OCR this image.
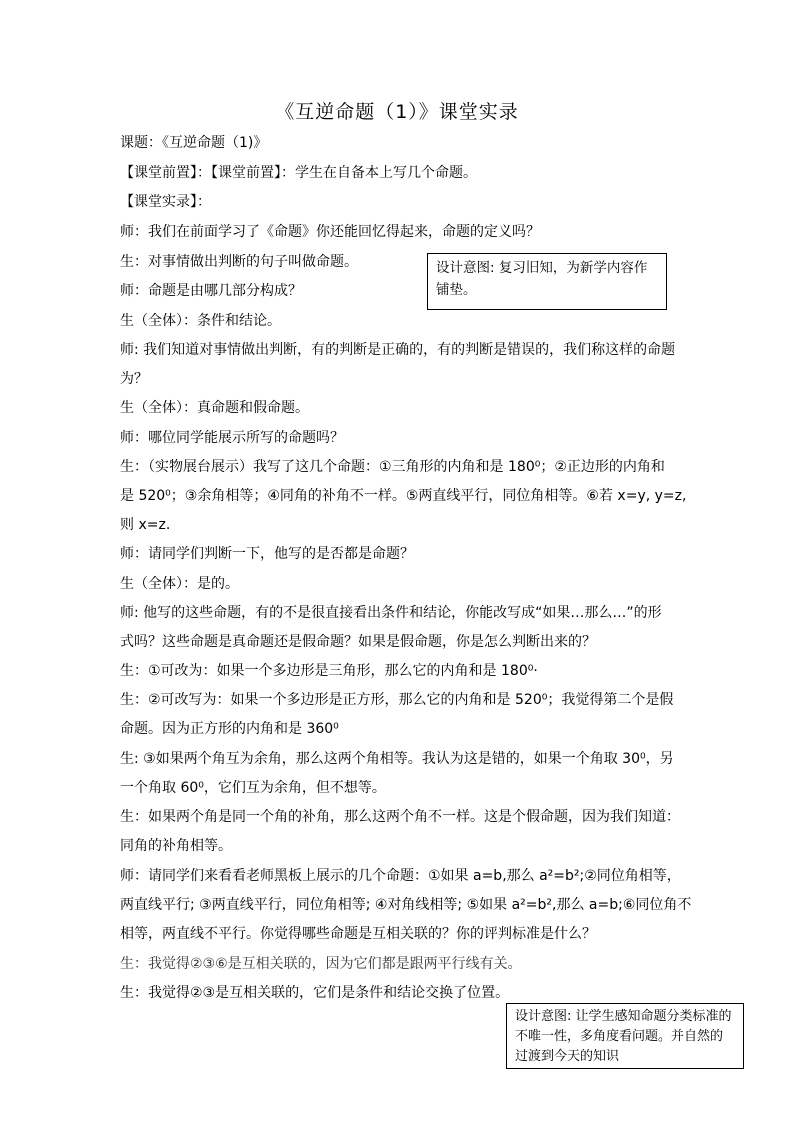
《互逆命题（1）》课堂实录
课题：《互逆命题（1)》
【课堂前置】：【课堂前置】：学生在自备本上写几个命题。
【课堂实录】：
师：我们在前面学习了《命题》你还能回忆得起来，命题的定义吗？
生：对事情做出判断的句子叫做命题。
师：命题是由哪几部分构成？
生（全体）：条件和结论。
师: 我们知道对事情做出判断，有的判断是正确的，有的判断是错误的，我们称这样的命题
为？
生（全体）：真命题和假命题。
师：哪位同学能展示所写的命题吗？
生：（实物展台展示）我写了这几个命题：①三角形的内角和是 180⁰；②正边形的内角和
是 520⁰；③余角相等；④同角的补角不一样。⑤两直线平行，同位角相等。⑥若 x=y, y=z,
则 x=z.
师：请同学们判断一下，他写的是否都是命题？
生（全体）：是的。
师: 他写的这些命题，有的不是很直接看出条件和结论，你能改写成“如果…那么…”的形
式吗？这些命题是真命题还是假命题？如果是假命题，你是怎么判断出来的？
生：①可改为：如果一个多边形是三角形，那么它的内角和是 180⁰·
生：②可改写为：如果一个多边形是正方形，那么它的内角和是 520⁰；我觉得第二个是假
命题。因为正方形的内角和是 360⁰
生: ③如果两个角互为余角，那么这两个角相等。我认为这是错的，如果一个角取 30⁰，另
一个角取 60⁰，它们互为余角，但不想等。
生：如果两个角是同一个角的补角，那么这两个角不一样。这是个假命题，因为我们知道：
同角的补角相等。
师：请同学们来看看老师黑板上展示的几个命题：①如果 a=b,那么 a²=b²;②同位角相等，
两直线平行; ③两直线平行，同位角相等; ④对角线相等; ⑤如果 a²=b²,那么 a=b;⑥同位角不
相等，两直线不平行。你觉得哪些命题是互相关联的？你的评判标准是什么？
生：我觉得②③⑥是互相关联的，因为它们都是跟两平行线有关。
生：我觉得②③是互相关联的，它们是条件和结论交换了位置。
设计意图: 复习旧知，为新学内容作铺垫。
设计意图: 让学生感知命题分类标准的不唯一性，多角度看问题。并自然的过渡到今天的知识
